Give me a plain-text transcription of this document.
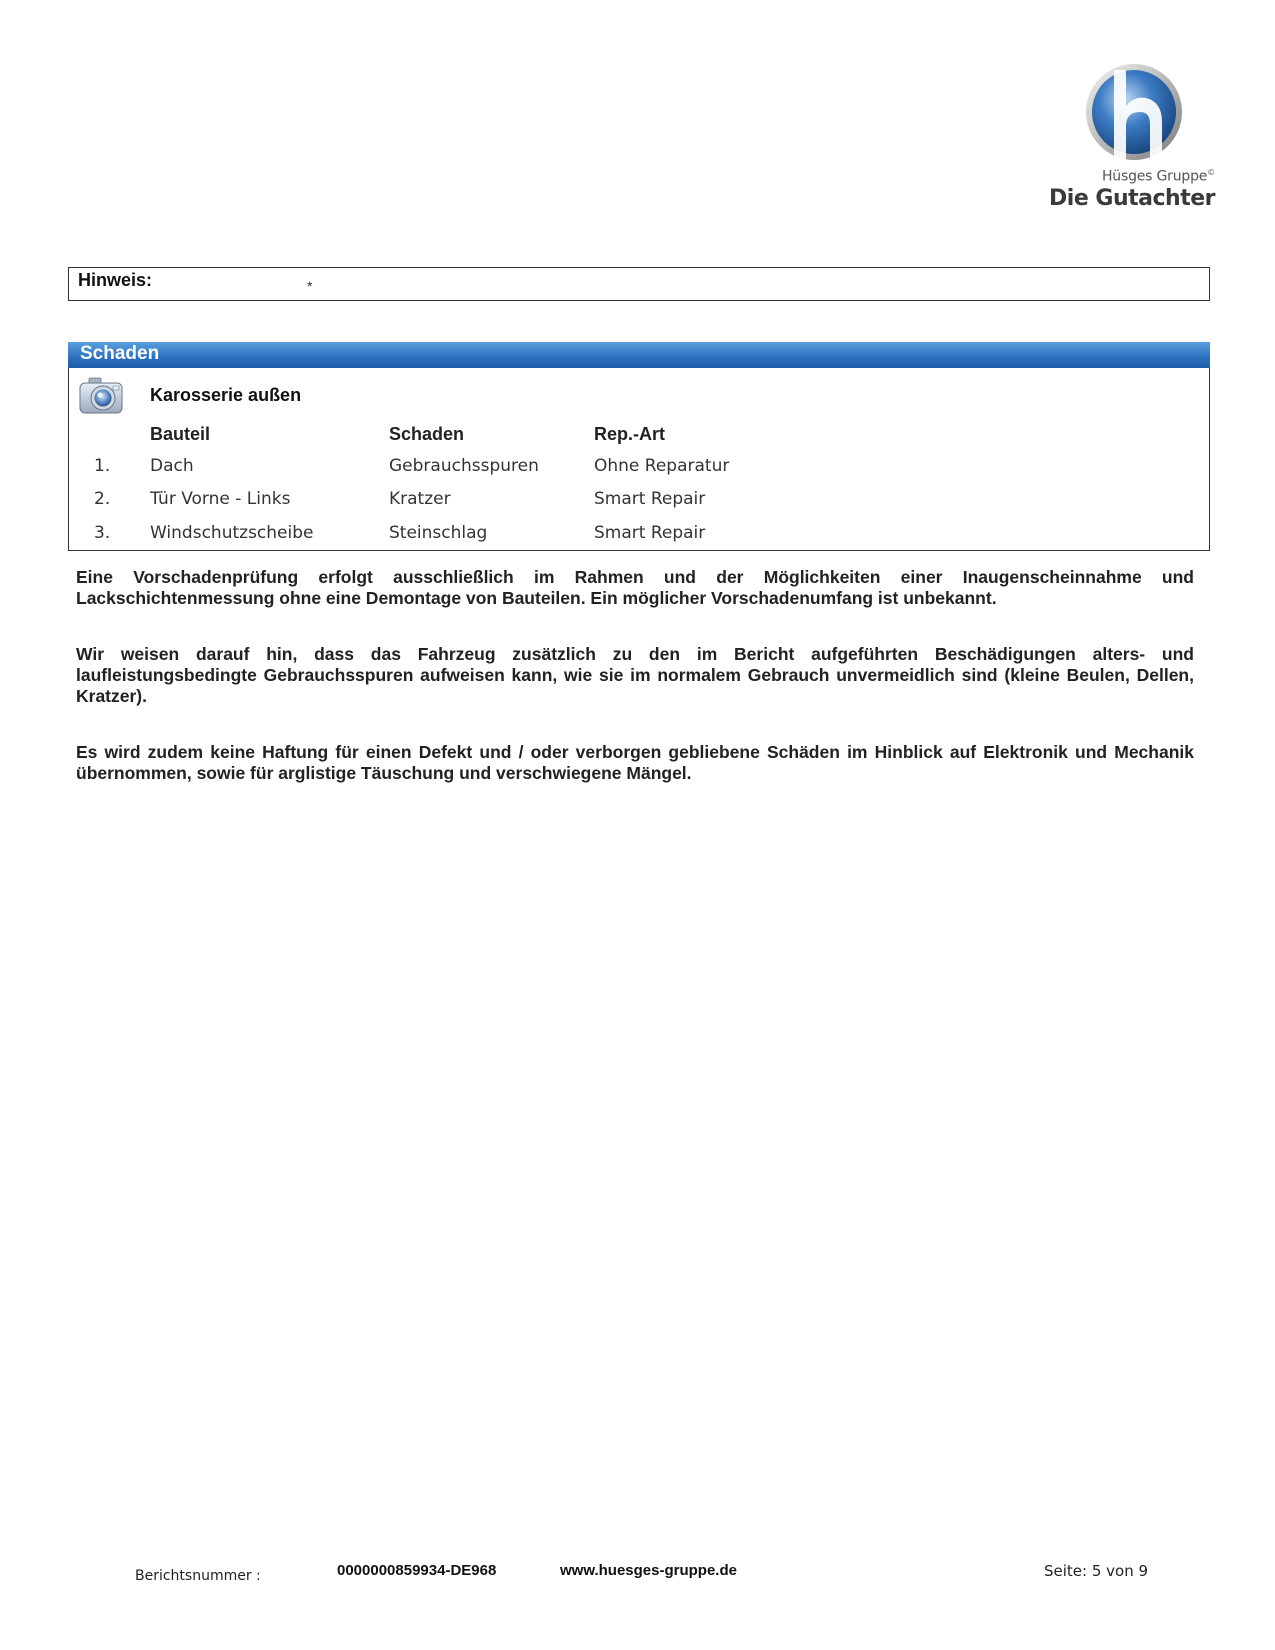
Hüsges Gruppe©
Die Gutachter
Hinweis:	*
Schaden
Karosserie außen
Bauteil	Schaden	Rep.-Art
1. Dach	Gebrauchsspuren	Ohne Reparatur
2. Tür Vorne - Links	Kratzer	Smart Repair
3. Windschutzscheibe	Steinschlag	Smart Repair

Eine Vorschadenprüfung erfolgt ausschließlich im Rahmen und der Möglichkeiten einer Inaugenscheinnahme und Lackschichtenmessung ohne eine Demontage von Bauteilen. Ein möglicher Vorschadenumfang ist unbekannt.

Wir weisen darauf hin, dass das Fahrzeug zusätzlich zu den im Bericht aufgeführten Beschädigungen alters- und laufleistungsbedingte Gebrauchsspuren aufweisen kann, wie sie im normalem Gebrauch unvermeidlich sind (kleine Beulen, Dellen, Kratzer).

Es wird zudem keine Haftung für einen Defekt und / oder verborgen gebliebene Schäden im Hinblick auf Elektronik und Mechanik übernommen, sowie für arglistige Täuschung und verschwiegene Mängel.

Berichtsnummer :	0000000859934-DE968	www.huesges-gruppe.de	Seite: 5 von 9
